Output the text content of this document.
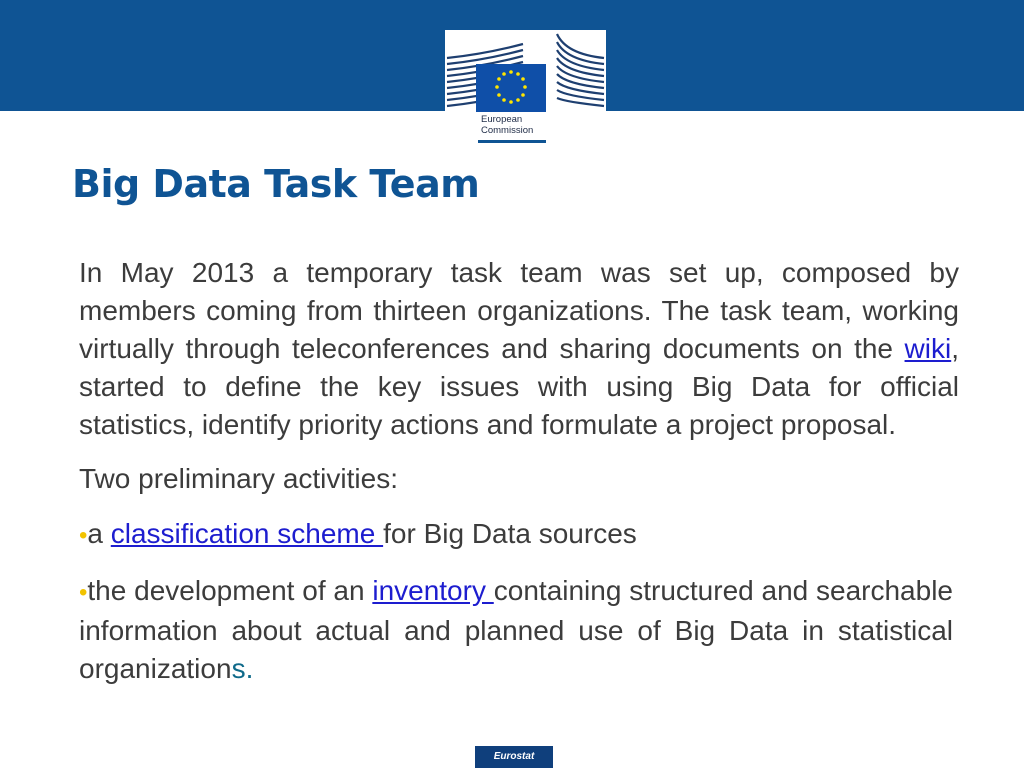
European
Commission
Big Data Task Team

In May 2013 a temporary task team was set up, composed by members coming from thirteen organizations. The task team, working virtually through teleconferences and sharing documents on the wiki, started to define the key issues with using Big Data for official statistics, identify priority actions and formulate a project proposal.

Two preliminary activities:

•a classification scheme for Big Data sources

•the development of an inventory containing structured and searchable information about actual and planned use of Big Data in statistical organizations.

Eurostat
